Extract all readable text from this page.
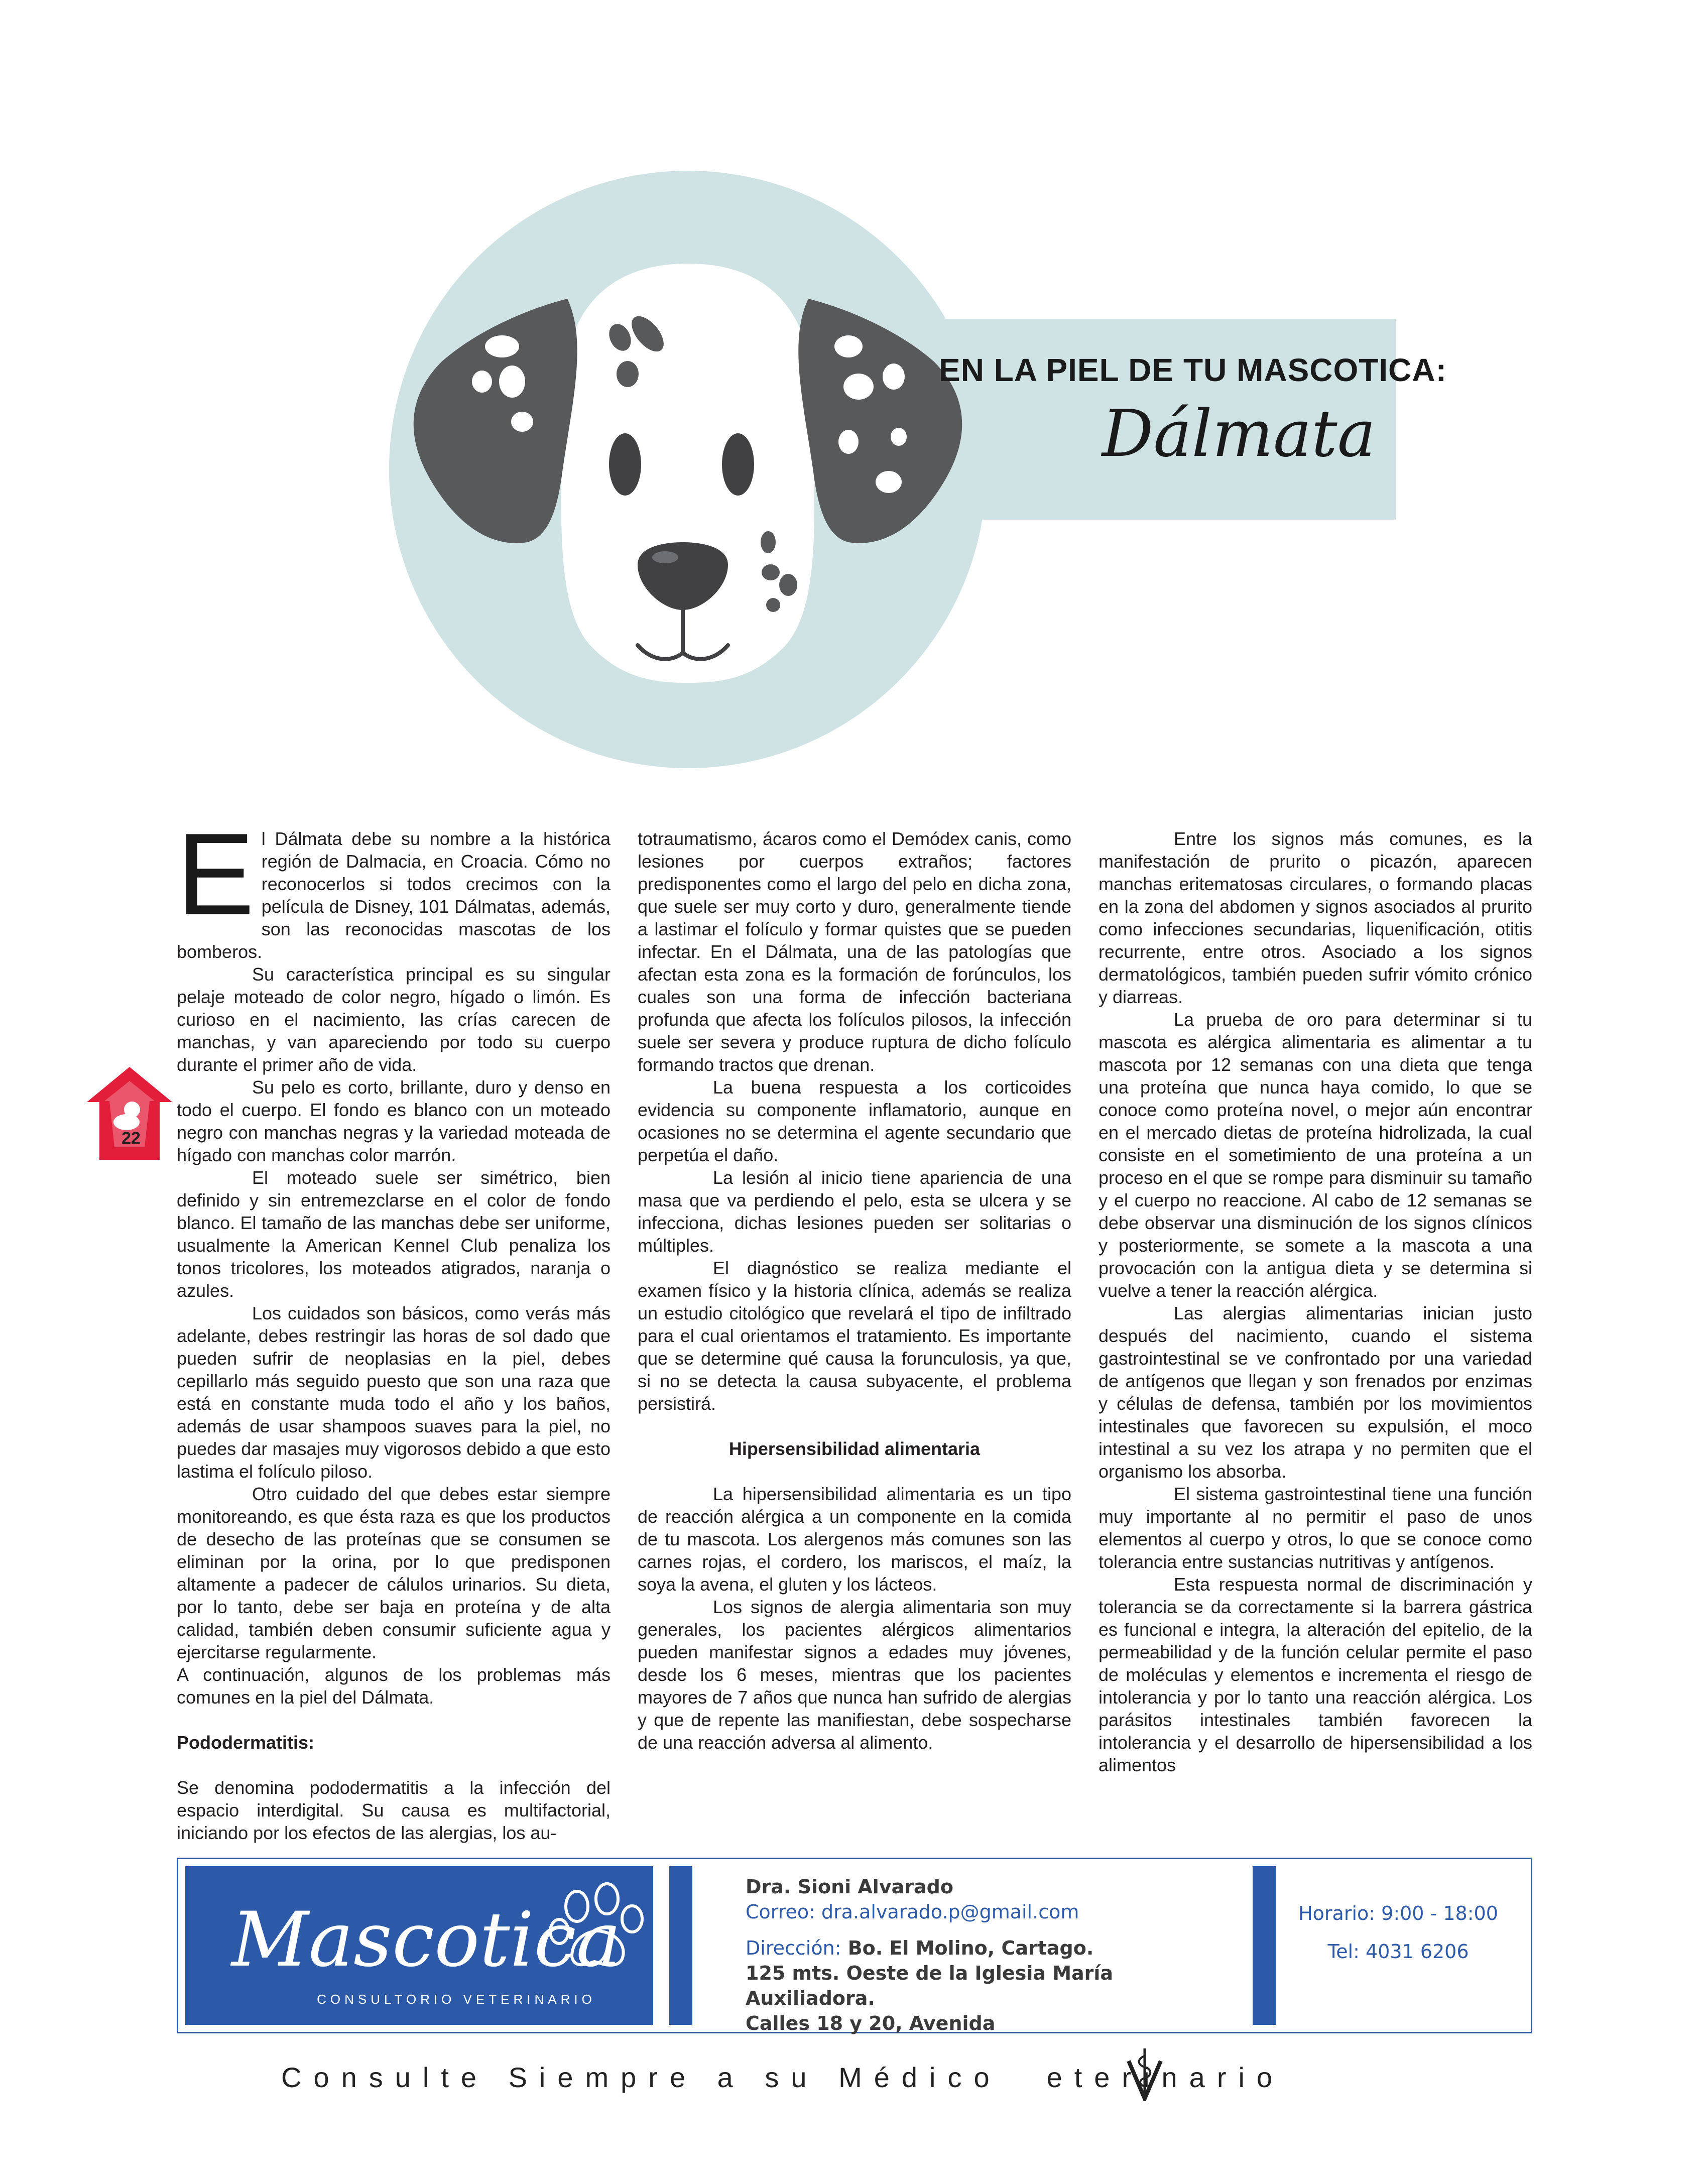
EN LA PIEL DE TU MASCOTICA:
Dálmata
22

El Dálmata debe su nombre a la histórica región de Dalmacia, en Croacia. Cómo no reconocerlos si todos crecimos con la película de Disney, 101 Dálmatas, además, son las reconocidas mascotas de los bomberos.

Su característica principal es su singular pelaje moteado de color negro, hígado o limón. Es curioso en el nacimiento, las crías carecen de manchas, y van apareciendo por todo su cuerpo durante el primer año de vida.

Su pelo es corto, brillante, duro y denso en todo el cuerpo. El fondo es blanco con un moteado negro con manchas negras y la variedad moteada de hígado con manchas color marrón.

El moteado suele ser simétrico, bien definido y sin entremezclarse en el color de fondo blanco. El tamaño de las manchas debe ser uniforme, usualmente la American Kennel Club penaliza los tonos tricolores, los moteados atigrados, naranja o azules.

Los cuidados son básicos, como verás más adelante, debes restringir las horas de sol dado que pueden sufrir de neoplasias en la piel, debes cepillarlo más seguido puesto que son una raza que está en constante muda todo el año y los baños, además de usar shampoos suaves para la piel, no puedes dar masajes muy vigorosos debido a que esto lastima el folículo piloso.

Otro cuidado del que debes estar siempre monitoreando, es que ésta raza es que los productos de desecho de las proteínas que se consumen se eliminan por la orina, por lo que predisponen altamente a padecer de cálulos urinarios. Su dieta, por lo tanto, debe ser baja en proteína y de alta calidad, también deben consumir suficiente agua y ejercitarse regularmente.

A continuación, algunos de los problemas más comunes en la piel del Dálmata.

Pododermatitis:

Se denomina pododermatitis a la infección del espacio interdigital. Su causa es multifactorial, iniciando por los efectos de las alergias, los au-

totraumatismo, ácaros como el Demódex canis, como lesiones por cuerpos extraños; factores predisponentes como el largo del pelo en dicha zona, que suele ser muy corto y duro, generalmente tiende a lastimar el folículo y formar quistes que se pueden infectar. En el Dálmata, una de las patologías que afectan esta zona es la formación de forúnculos, los cuales son una forma de infección bacteriana profunda que afecta los folículos pilosos, la infección suele ser severa y produce ruptura de dicho folículo formando tractos que drenan.

La buena respuesta a los corticoides evidencia su componente inflamatorio, aunque en ocasiones no se determina el agente secundario que perpetúa el daño.

La lesión al inicio tiene apariencia de una masa que va perdiendo el pelo, esta se ulcera y se infecciona, dichas lesiones pueden ser solitarias o múltiples.

El diagnóstico se realiza mediante el examen físico y la historia clínica, además se realiza un estudio citológico que revelará el tipo de infiltrado para el cual orientamos el tratamiento. Es importante que se determine qué causa la forunculosis, ya que, si no se detecta la causa subyacente, el problema persistirá.

Hipersensibilidad alimentaria

La hipersensibilidad alimentaria es un tipo de reacción alérgica a un componente en la comida de tu mascota. Los alergenos más comunes son las carnes rojas, el cordero, los mariscos, el maíz, la soya la avena, el gluten y los lácteos.

Los signos de alergia alimentaria son muy generales, los pacientes alérgicos alimentarios pueden manifestar signos a edades muy jóvenes, desde los 6 meses, mientras que los pacientes mayores de 7 años que nunca han sufrido de alergias y que de repente las manifiestan, debe sospecharse de una reacción adversa al alimento.

Entre los signos más comunes, es la manifestación de prurito o picazón, aparecen manchas eritematosas circulares, o formando placas en la zona del abdomen y signos asociados al prurito como infecciones secundarias, liquenificación, otitis recurrente, entre otros. Asociado a los signos dermatológicos, también pueden sufrir vómito crónico y diarreas.

La prueba de oro para determinar si tu mascota es alérgica alimentaria es alimentar a tu mascota por 12 semanas con una dieta que tenga una proteína que nunca haya comido, lo que se conoce como proteína novel, o mejor aún encontrar en el mercado dietas de proteína hidrolizada, la cual consiste en el sometimiento de una proteína a un proceso en el que se rompe para disminuir su tamaño y el cuerpo no reaccione. Al cabo de 12 semanas se debe observar una disminución de los signos clínicos y posteriormente, se somete a la mascota a una provocación con la antigua dieta y se determina si vuelve a tener la reacción alérgica.

Las alergias alimentarias inician justo después del nacimiento, cuando el sistema gastrointestinal se ve confrontado por una variedad de antígenos que llegan y son frenados por enzimas y células de defensa, también por los movimientos intestinales que favorecen su expulsión, el moco intestinal a su vez los atrapa y no permiten que el organismo los absorba.

El sistema gastrointestinal tiene una función muy importante al no permitir el paso de unos elementos al cuerpo y otros, lo que se conoce como tolerancia entre sustancias nutritivas y antígenos.

Esta respuesta normal de discriminación y tolerancia se da correctamente si la barrera gástrica es funcional e integra, la alteración del epitelio, de la permeabilidad y de la función celular permite el paso de moléculas y elementos e incrementa el riesgo de intolerancia y por lo tanto una reacción alérgica. Los parásitos intestinales también favorecen la intolerancia y el desarrollo de hipersensibilidad a los alimentos

Mascotica
CONSULTORIO VETERINARIO
Dra. Sioni Alvarado
Correo: dra.alvarado.p@gmail.com
Dirección: Bo. El Molino, Cartago.
125 mts. Oeste de la Iglesia María Auxiliadora.
Calles 18 y 20, Avenida
Horario: 9:00 - 18:00
Tel: 4031 6206
Consulte Siempre a su Médico eterinario
